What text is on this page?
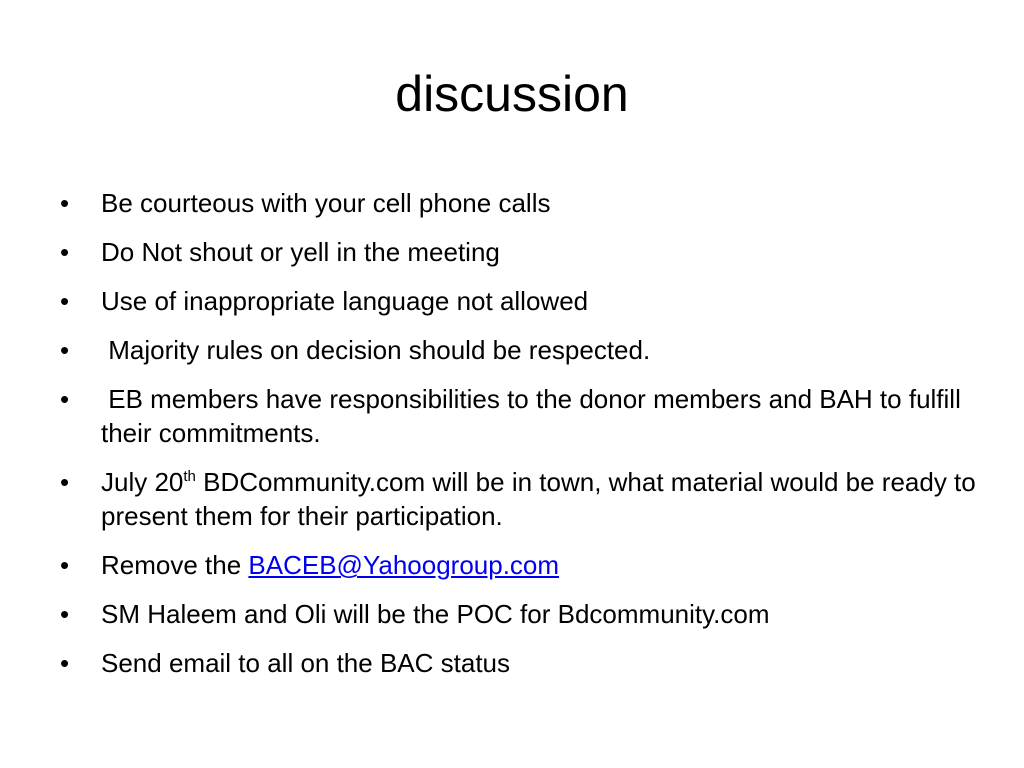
discussion
• Be courteous with your cell phone calls
• Do Not shout or yell in the meeting
• Use of inappropriate language not allowed
• Majority rules on decision should be respected.
• EB members have responsibilities to the donor members and BAH to fulfill their commitments.
• July 20th BDCommunity.com will be in town, what material would be ready to present them for their participation.
• Remove the BACEB@Yahoogroup.com
• SM Haleem and Oli will be the POC for Bdcommunity.com
• Send email to all on the BAC status
